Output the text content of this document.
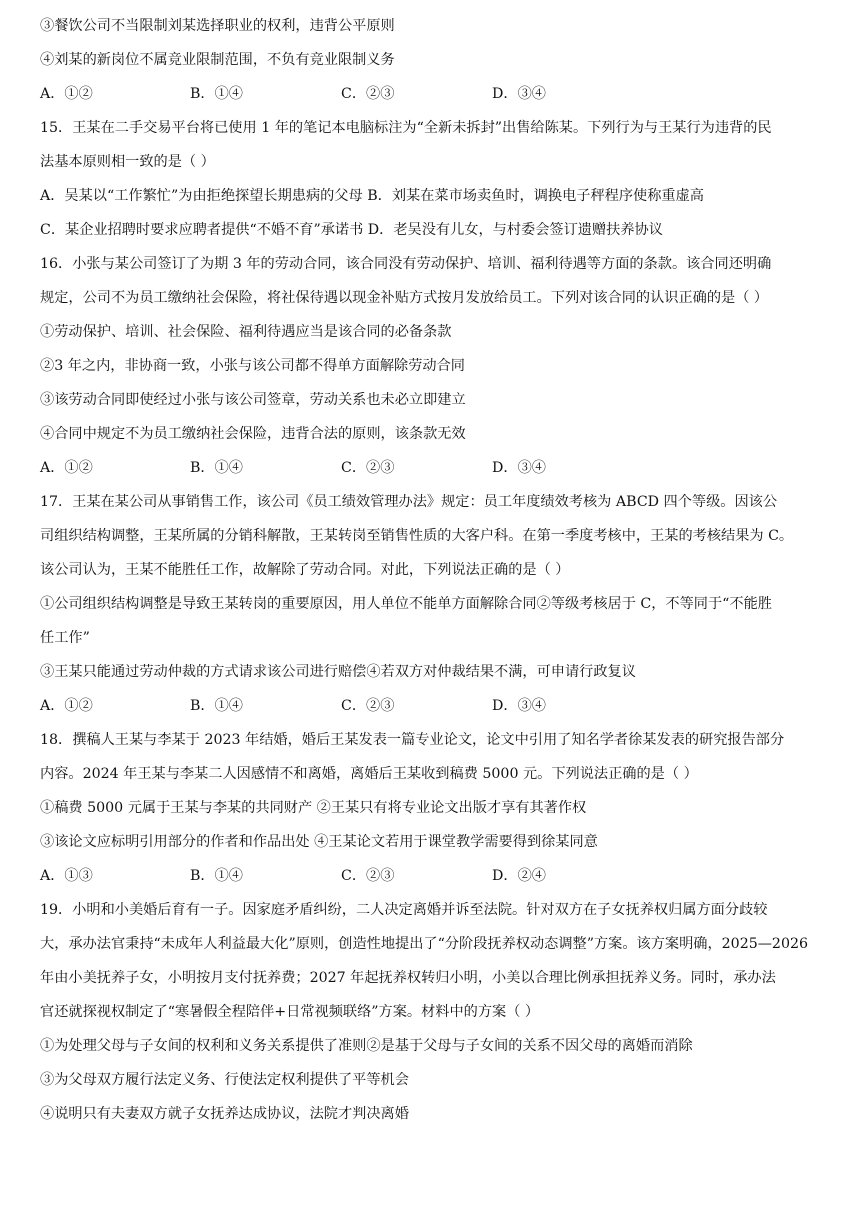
③餐饮公司不当限制刘某选择职业的权利，违背公平原则
④刘某的新岗位不属竞业限制范围，不负有竞业限制义务
A．①②	B．①④	C．②③	D．③④
15．王某在二手交易平台将已使用 1 年的笔记本电脑标注为“全新未拆封”出售给陈某。下列行为与王某行为违背的民
法基本原则相一致的是（ ）
A．吴某以“工作繁忙”为由拒绝探望长期患病的父母 B．刘某在菜市场卖鱼时，调换电子秤程序使称重虚高
C．某企业招聘时要求应聘者提供“不婚不育”承诺书 D．老吴没有儿女，与村委会签订遗赠扶养协议
16．小张与某公司签订了为期 3 年的劳动合同，该合同没有劳动保护、培训、福利待遇等方面的条款。该合同还明确
规定，公司不为员工缴纳社会保险，将社保待遇以现金补贴方式按月发放给员工。下列对该合同的认识正确的是（ ）
①劳动保护、培训、社会保险、福利待遇应当是该合同的必备条款
②3 年之内，非协商一致，小张与该公司都不得单方面解除劳动合同
③该劳动合同即使经过小张与该公司签章，劳动关系也未必立即建立
④合同中规定不为员工缴纳社会保险，违背合法的原则，该条款无效
A．①②	B．①④	C．②③	D．③④
17．王某在某公司从事销售工作，该公司《员工绩效管理办法》规定：员工年度绩效考核为 ABCD 四个等级。因该公
司组织结构调整，王某所属的分销科解散，王某转岗至销售性质的大客户科。在第一季度考核中，王某的考核结果为 C。
该公司认为，王某不能胜任工作，故解除了劳动合同。对此，下列说法正确的是（ ）
①公司组织结构调整是导致王某转岗的重要原因，用人单位不能单方面解除合同②等级考核居于 C，不等同于“不能胜
任工作”
③王某只能通过劳动仲裁的方式请求该公司进行赔偿④若双方对仲裁结果不满，可申请行政复议
A．①②	B．①④	C．②③	D．③④
18．撰稿人王某与李某于 2023 年结婚，婚后王某发表一篇专业论文，论文中引用了知名学者徐某发表的研究报告部分
内容。2024 年王某与李某二人因感情不和离婚，离婚后王某收到稿费 5000 元。下列说法正确的是（ ）
①稿费 5000 元属于王某与李某的共同财产 ②王某只有将专业论文出版才享有其著作权
③该论文应标明引用部分的作者和作品出处 ④王某论文若用于课堂教学需要得到徐某同意
A．①③	B．①④	C．②③	D．②④
19．小明和小美婚后育有一子。因家庭矛盾纠纷，二人决定离婚并诉至法院。针对双方在子女抚养权归属方面分歧较
大，承办法官秉持“未成年人利益最大化”原则，创造性地提出了“分阶段抚养权动态调整”方案。该方案明确，2025—2026
年由小美抚养子女，小明按月支付抚养费；2027 年起抚养权转归小明，小美以合理比例承担抚养义务。同时，承办法
官还就探视权制定了“寒暑假全程陪伴+日常视频联络”方案。材料中的方案（ ）
①为处理父母与子女间的权利和义务关系提供了准则②是基于父母与子女间的关系不因父母的离婚而消除
③为父母双方履行法定义务、行使法定权利提供了平等机会
④说明只有夫妻双方就子女抚养达成协议，法院才判决离婚
